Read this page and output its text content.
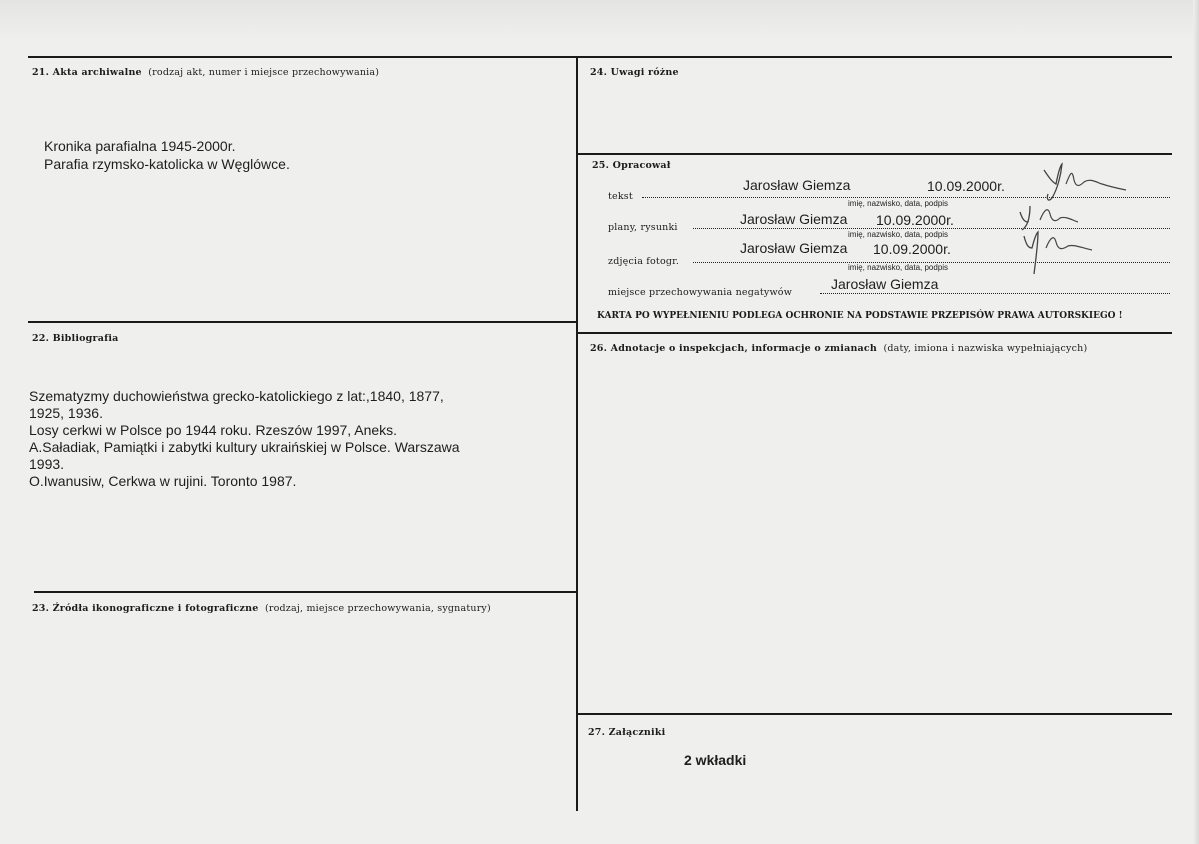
21. Akta archiwalne (rodzaj akt, numer i miejsce przechowywania)
Kronika parafialna 1945-2000r.
Parafia rzymsko-katolicka w Węglówce.
22. Bibliografia
Szematyzmy duchowieństwa grecko-katolickiego z lat:,1840, 1877,
1925, 1936.
Losy cerkwi w Polsce po 1944 roku. Rzeszów 1997, Aneks.
A.Saładiak, Pamiątki i zabytki kultury ukraińskiej w Polsce. Warszawa
1993.
O.Iwanusiw, Cerkwa w rujini. Toronto 1987.
23. Źródła ikonograficzne i fotograficzne (rodzaj, miejsce przechowywania, sygnatury)
24. Uwagi różne
25. Opracował
tekst
Jarosław Giemza	10.09.2000r.
imię, nazwisko, data, podpis
plany, rysunki
Jarosław Giemza 10.09.2000r.
imię, nazwisko, data, podpis
zdjęcia fotogr.
Jarosław Giemza 10.09.2000r.
imię, nazwisko, data, podpis
miejsce przechowywania negatywów
Jarosław Giemza
KARTA PO WYPEŁNIENIU PODLEGA OCHRONIE NA PODSTAWIE PRZEPISÓW PRAWA AUTORSKIEGO !
26. Adnotacje o inspekcjach, informacje o zmianach (daty, imiona i nazwiska wypełniających)
27. Załączniki
2 wkładki
